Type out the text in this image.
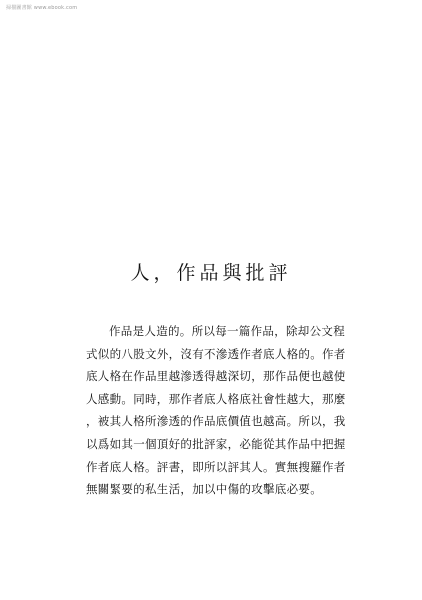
掃描圖書館 www.ebook.com
人，作品與批評
作品是人造的。所以每一篇作品，除却公文程
式似的八股文外，沒有不滲透作者底人格的。作者
底人格在作品里越滲透得越深切，那作品便也越使
人感動。同時，那作者底人格底社會性越大，那麼
，被其人格所滲透的作品底價值也越高。所以，我
以爲如其一個頂好的批評家，必能從其作品中把握
作者底人格。評書，即所以評其人。實無搜羅作者
無關緊要的私生活，加以中傷的攻擊底必要。
